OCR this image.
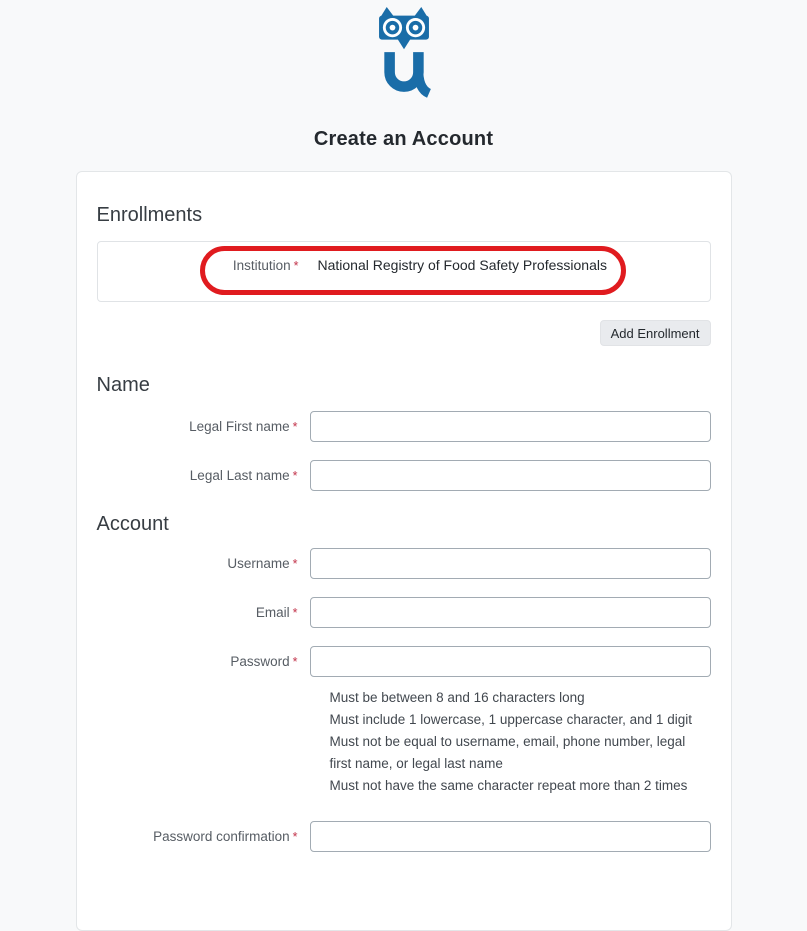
Create an Account
Enrollments
Institution *	National Registry of Food Safety Professionals
Add Enrollment
Name
Legal First name *
Legal Last name *
Account
Username *
Email *
Password *
Must be between 8 and 16 characters long
Must include 1 lowercase, 1 uppercase character, and 1 digit
Must not be equal to username, email, phone number, legal first name, or legal last name
Must not have the same character repeat more than 2 times
Password confirmation *
